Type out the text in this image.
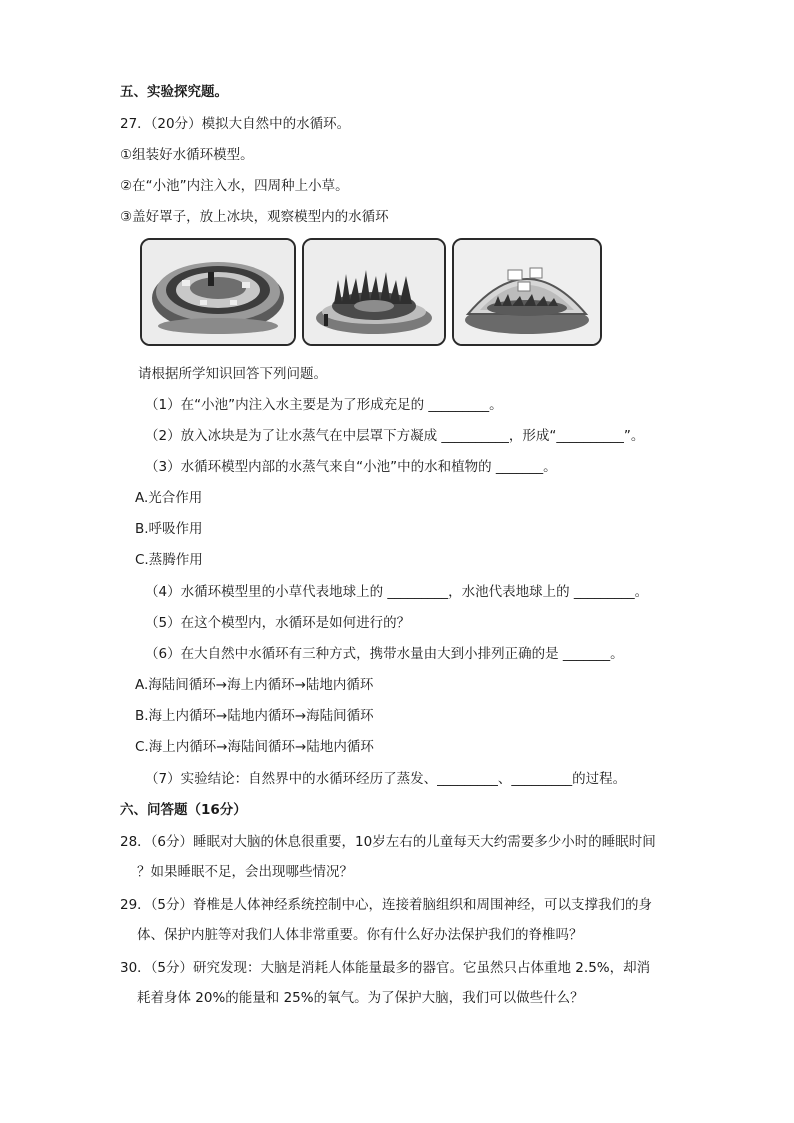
五、实验探究题。
27．（20分）模拟大自然中的水循环。
①组装好水循环模型。
②在“小池”内注入水，四周种上小草。
③盖好罩子，放上冰块，观察模型内的水循环
请根据所学知识回答下列问题。
（1）在“小池”内注入水主要是为了形成充足的 _________。
（2）放入冰块是为了让水蒸气在中层罩下方凝成 __________，形成“__________”。
（3）水循环模型内部的水蒸气来自“小池”中的水和植物的 _______。
A.光合作用
B.呼吸作用
C.蒸腾作用
（4）水循环模型里的小草代表地球上的 _________，水池代表地球上的 _________。
（5）在这个模型内，水循环是如何进行的？
（6）在大自然中水循环有三种方式，携带水量由大到小排列正确的是 _______。
A.海陆间循环→海上内循环→陆地内循环
B.海上内循环→陆地内循环→海陆间循环
C.海上内循环→海陆间循环→陆地内循环
（7）实验结论：自然界中的水循环经历了蒸发、_________、_________的过程。
六、问答题（16分）
28．（6分）睡眠对大脑的休息很重要，10岁左右的儿童每天大约需要多少小时的睡眠时间
？如果睡眠不足，会出现哪些情况？
29．（5分）脊椎是人体神经系统控制中心，连接着脑组织和周围神经，可以支撑我们的身
体、保护内脏等对我们人体非常重要。你有什么好办法保护我们的脊椎吗？
30．（5分）研究发现：大脑是消耗人体能量最多的器官。它虽然只占体重地 2.5%，却消
耗着身体 20%的能量和 25%的氧气。为了保护大脑，我们可以做些什么？
